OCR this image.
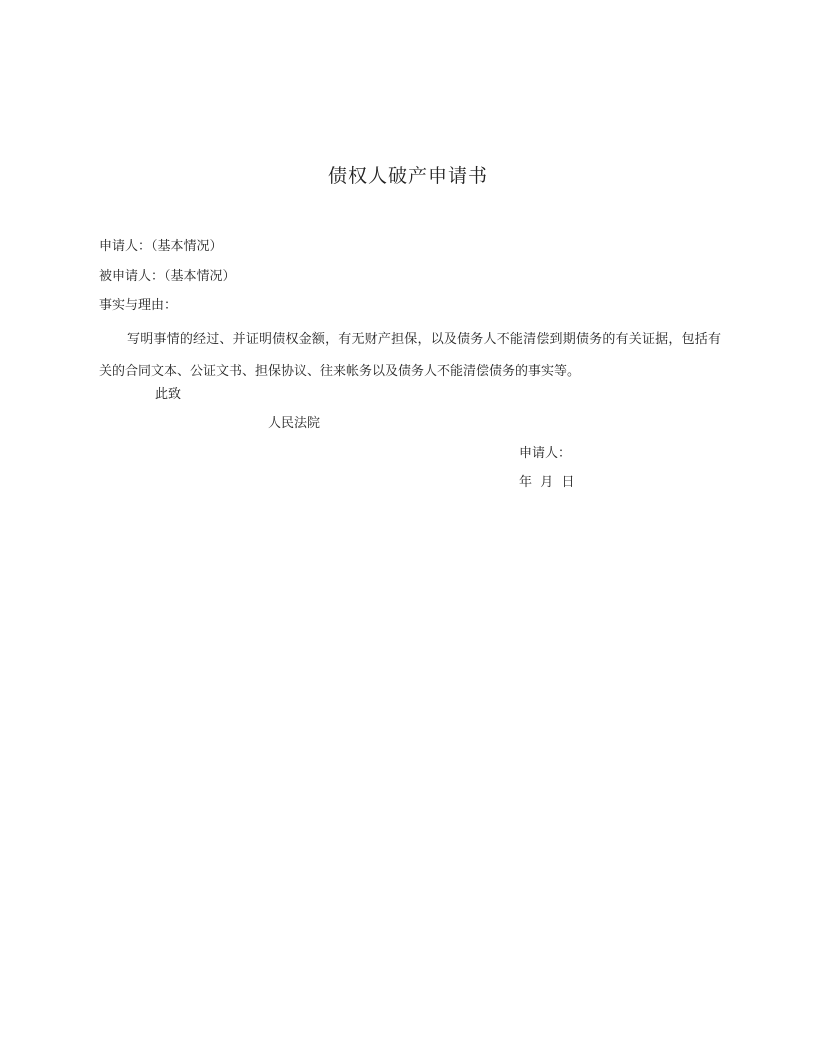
债权人破产申请书
申请人：（基本情况）
被申请人：（基本情况）
事实与理由：
写明事情的经过、并证明债权金额，有无财产担保，以及债务人不能清偿到期债务的有关证据，包括有关的合同文本、公证文书、担保协议、往来帐务以及债务人不能清偿债务的事实等。
此致
人民法院
申请人：
年  月  日
